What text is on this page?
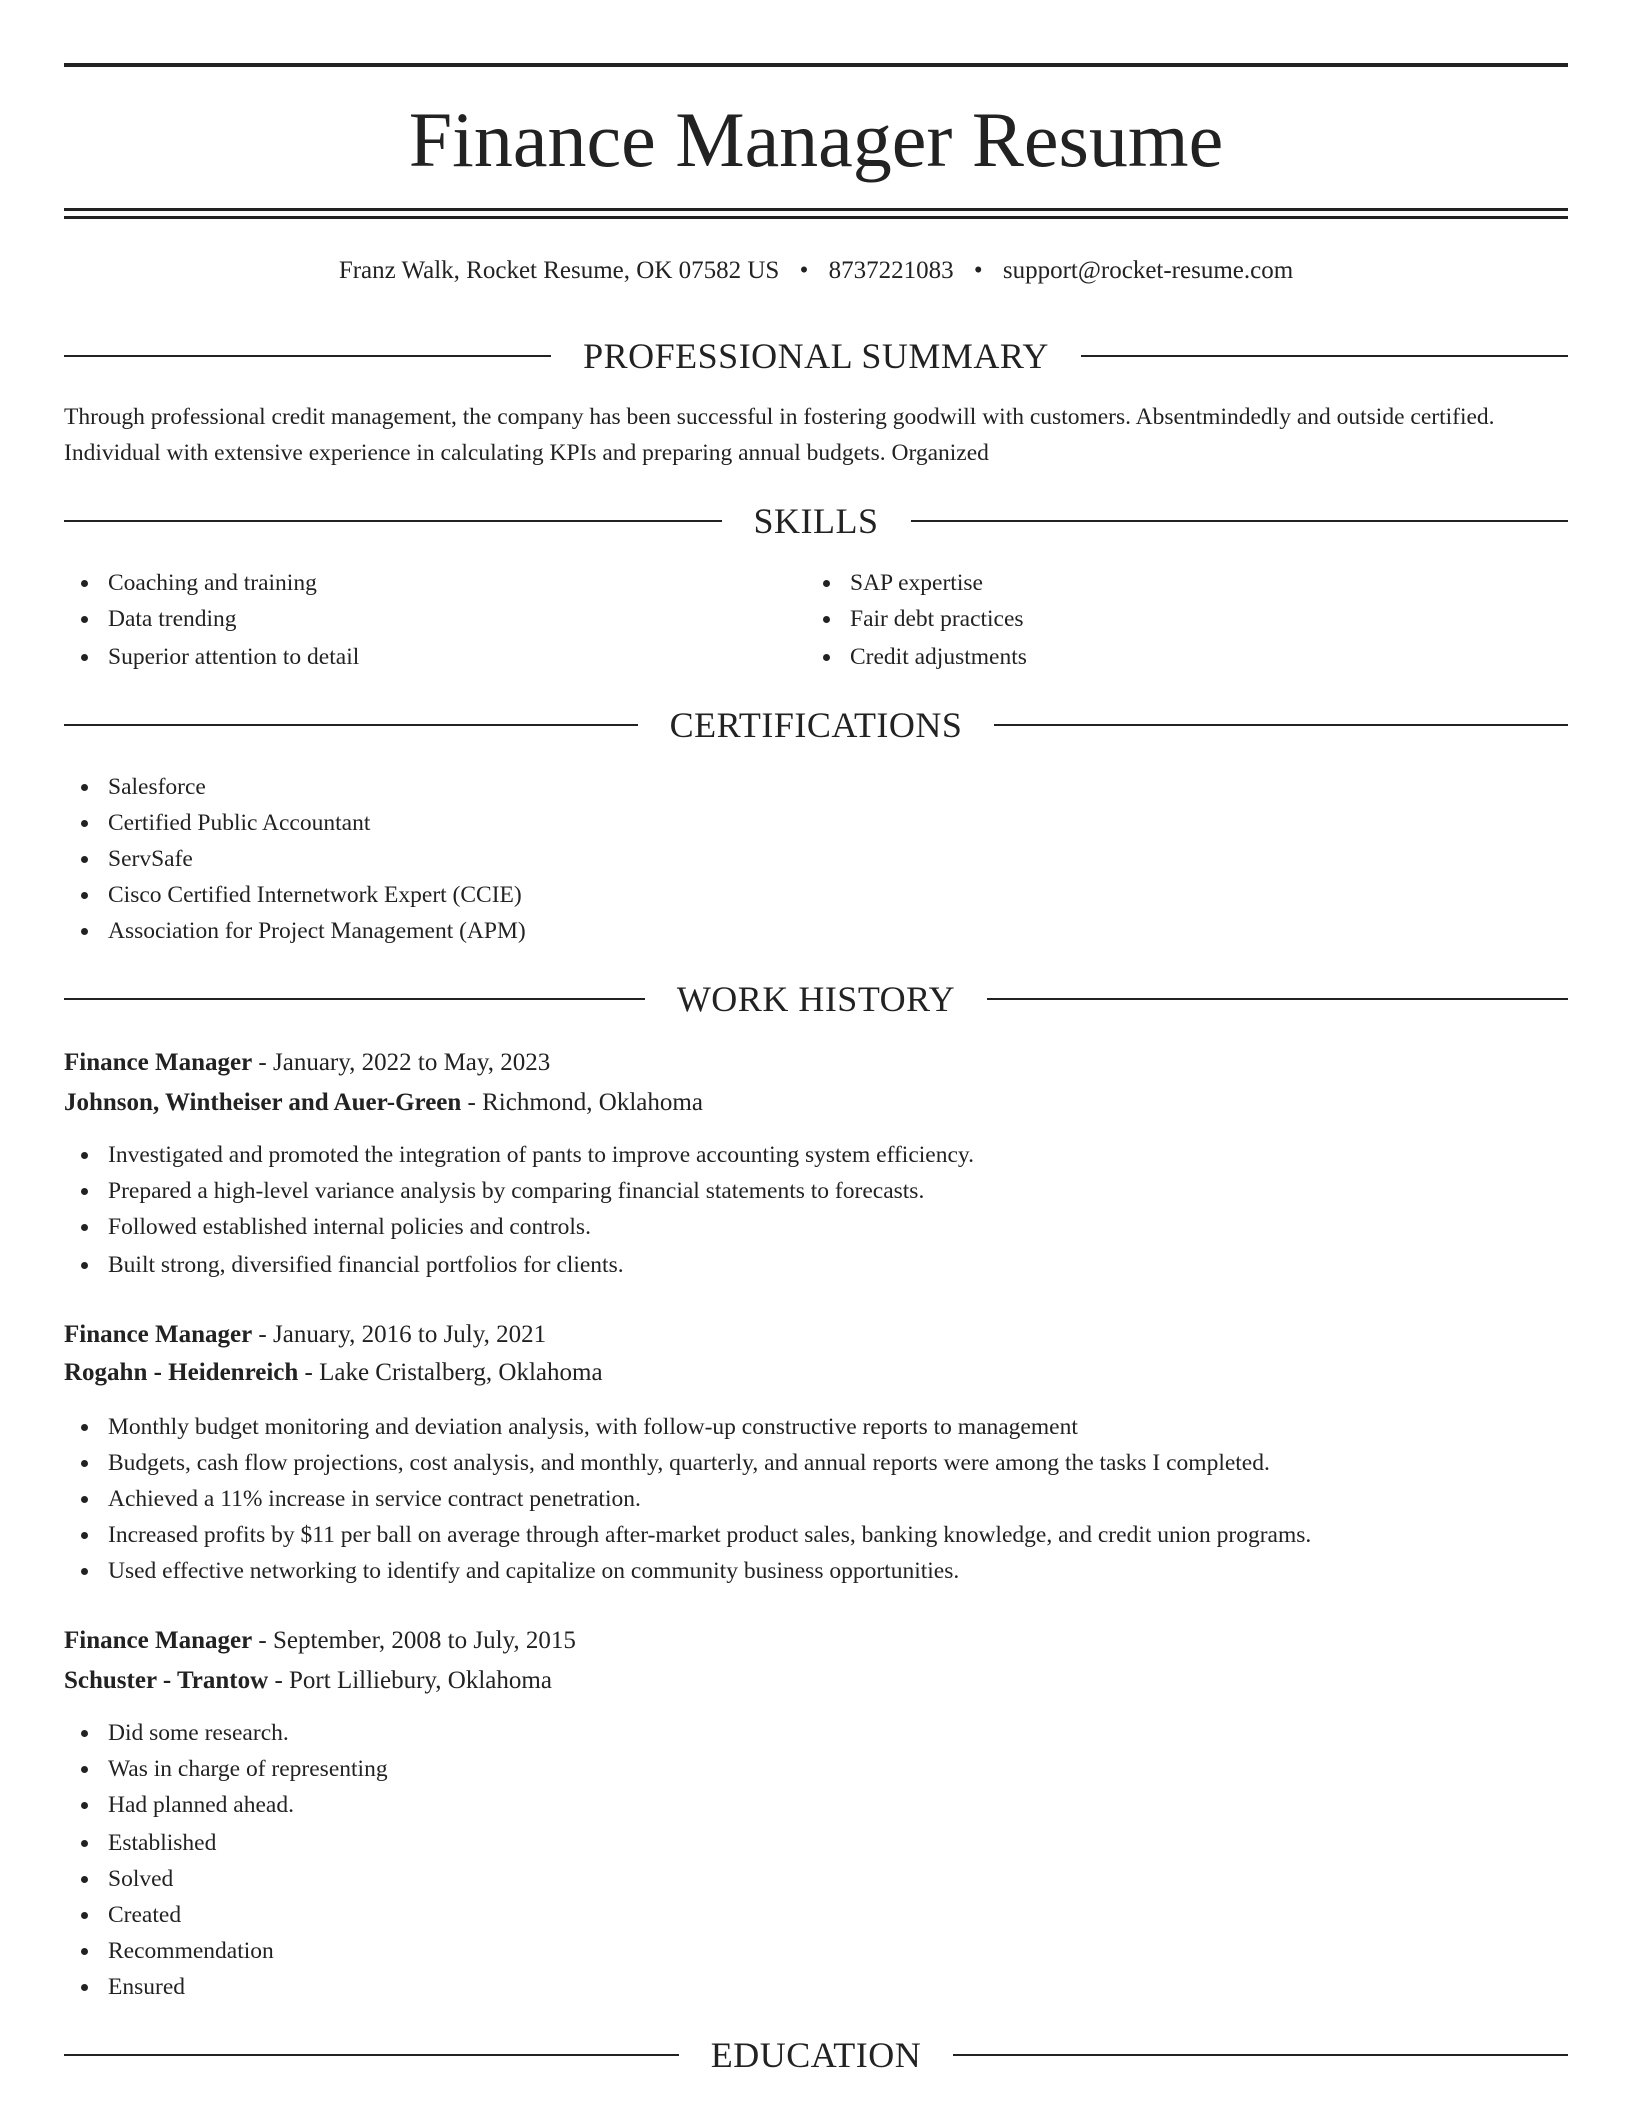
Finance Manager Resume
Franz Walk, Rocket Resume, OK 07582 US • 8737221083 • support@rocket-resume.com
PROFESSIONAL SUMMARY

Through professional credit management, the company has been successful in fostering goodwill with customers. Absentmindedly and outside certified. Individual with extensive experience in calculating KPIs and preparing annual budgets. Organized

SKILLS
Coaching and training
Data trending
Superior attention to detail
SAP expertise
Fair debt practices
Credit adjustments
CERTIFICATIONS
Salesforce
Certified Public Accountant
ServSafe
Cisco Certified Internetwork Expert (CCIE)
Association for Project Management (APM)
WORK HISTORY
Finance Manager - January, 2022 to May, 2023
Johnson, Wintheiser and Auer-Green - Richmond, Oklahoma
Investigated and promoted the integration of pants to improve accounting system efficiency.
Prepared a high-level variance analysis by comparing financial statements to forecasts.
Followed established internal policies and controls.
Built strong, diversified financial portfolios for clients.
Finance Manager - January, 2016 to July, 2021
Rogahn - Heidenreich - Lake Cristalberg, Oklahoma
Monthly budget monitoring and deviation analysis, with follow-up constructive reports to management
Budgets, cash flow projections, cost analysis, and monthly, quarterly, and annual reports were among the tasks I completed.
Achieved a 11% increase in service contract penetration.
Increased profits by $11 per ball on average through after-market product sales, banking knowledge, and credit union programs.
Used effective networking to identify and capitalize on community business opportunities.
Finance Manager - September, 2008 to July, 2015
Schuster - Trantow - Port Lilliebury, Oklahoma
Did some research.
Was in charge of representing
Had planned ahead.
Established
Solved
Created
Recommendation
Ensured
EDUCATION
